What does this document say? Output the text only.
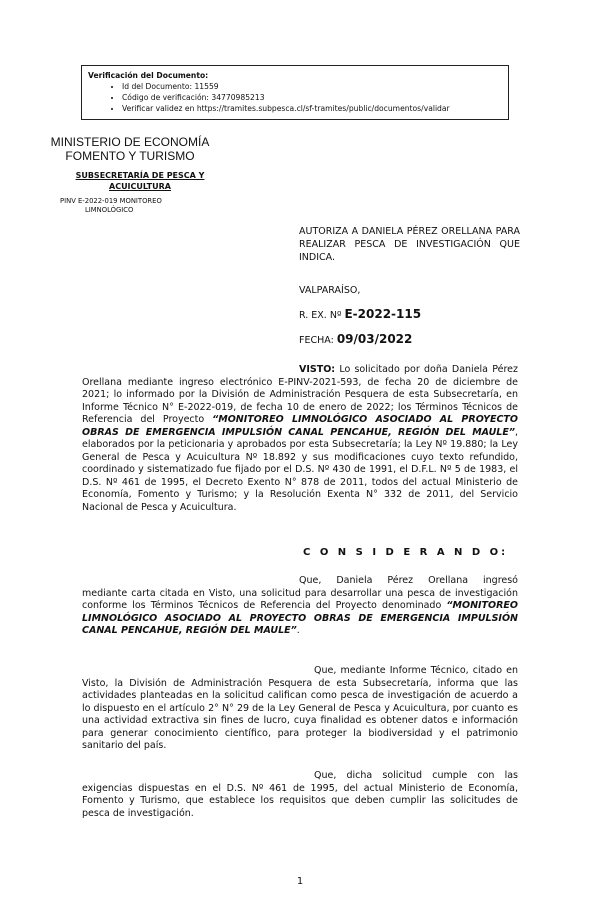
Verificación del Documento:
• Id del Documento: 11559
• Código de verificación: 34770985213
• Verificar validez en https://tramites.subpesca.cl/sf-tramites/public/documentos/validar
MINISTERIO DE ECONOMÍA
FOMENTO Y TURISMO
SUBSECRETARÍA DE PESCA Y
ACUICULTURA
PINV E-2022-019 MONITOREO
LIMNOLÓGICO
AUTORIZA A DANIELA PÉREZ ORELLANA PARA REALIZAR PESCA DE INVESTIGACIÓN QUE INDICA.
VALPARAÍSO,
R. EX. Nº E-2022-115
FECHA: 09/03/2022
VISTO: Lo solicitado por doña Daniela Pérez Orellana mediante ingreso electrónico E-PINV-2021-593, de fecha 20 de diciembre de 2021; lo informado por la División de Administración Pesquera de esta Subsecretaría, en Informe Técnico N° E-2022-019, de fecha 10 de enero de 2022; los Términos Técnicos de Referencia del Proyecto “MONITOREO LIMNOLÓGICO ASOCIADO AL PROYECTO OBRAS DE EMERGENCIA IMPULSIÓN CANAL PENCAHUE, REGIÓN DEL MAULE”, elaborados por la peticionaria y aprobados por esta Subsecretaría; la Ley Nº 19.880; la Ley General de Pesca y Acuicultura Nº 18.892 y sus modificaciones cuyo texto refundido, coordinado y sistematizado fue fijado por el D.S. Nº 430 de 1991, el D.F.L. Nº 5 de 1983, el D.S. Nº 461 de 1995, el Decreto Exento N° 878 de 2011, todos del actual Ministerio de Economía, Fomento y Turismo; y la Resolución Exenta N° 332 de 2011, del Servicio Nacional de Pesca y Acuicultura.
C O N S I D E R A N D O:
Que, Daniela Pérez Orellana ingresó mediante carta citada en Visto, una solicitud para desarrollar una pesca de investigación conforme los Términos Técnicos de Referencia del Proyecto denominado “MONITOREO LIMNOLÓGICO ASOCIADO AL PROYECTO OBRAS DE EMERGENCIA IMPULSIÓN CANAL PENCAHUE, REGIÓN DEL MAULE”.
Que, mediante Informe Técnico, citado en Visto, la División de Administración Pesquera de esta Subsecretaría, informa que las actividades planteadas en la solicitud califican como pesca de investigación de acuerdo a lo dispuesto en el artículo 2° N° 29 de la Ley General de Pesca y Acuicultura, por cuanto es una actividad extractiva sin fines de lucro, cuya finalidad es obtener datos e información para generar conocimiento científico, para proteger la biodiversidad y el patrimonio sanitario del país.
Que, dicha solicitud cumple con las exigencias dispuestas en el D.S. Nº 461 de 1995, del actual Ministerio de Economía, Fomento y Turismo, que establece los requisitos que deben cumplir las solicitudes de pesca de investigación.
1
